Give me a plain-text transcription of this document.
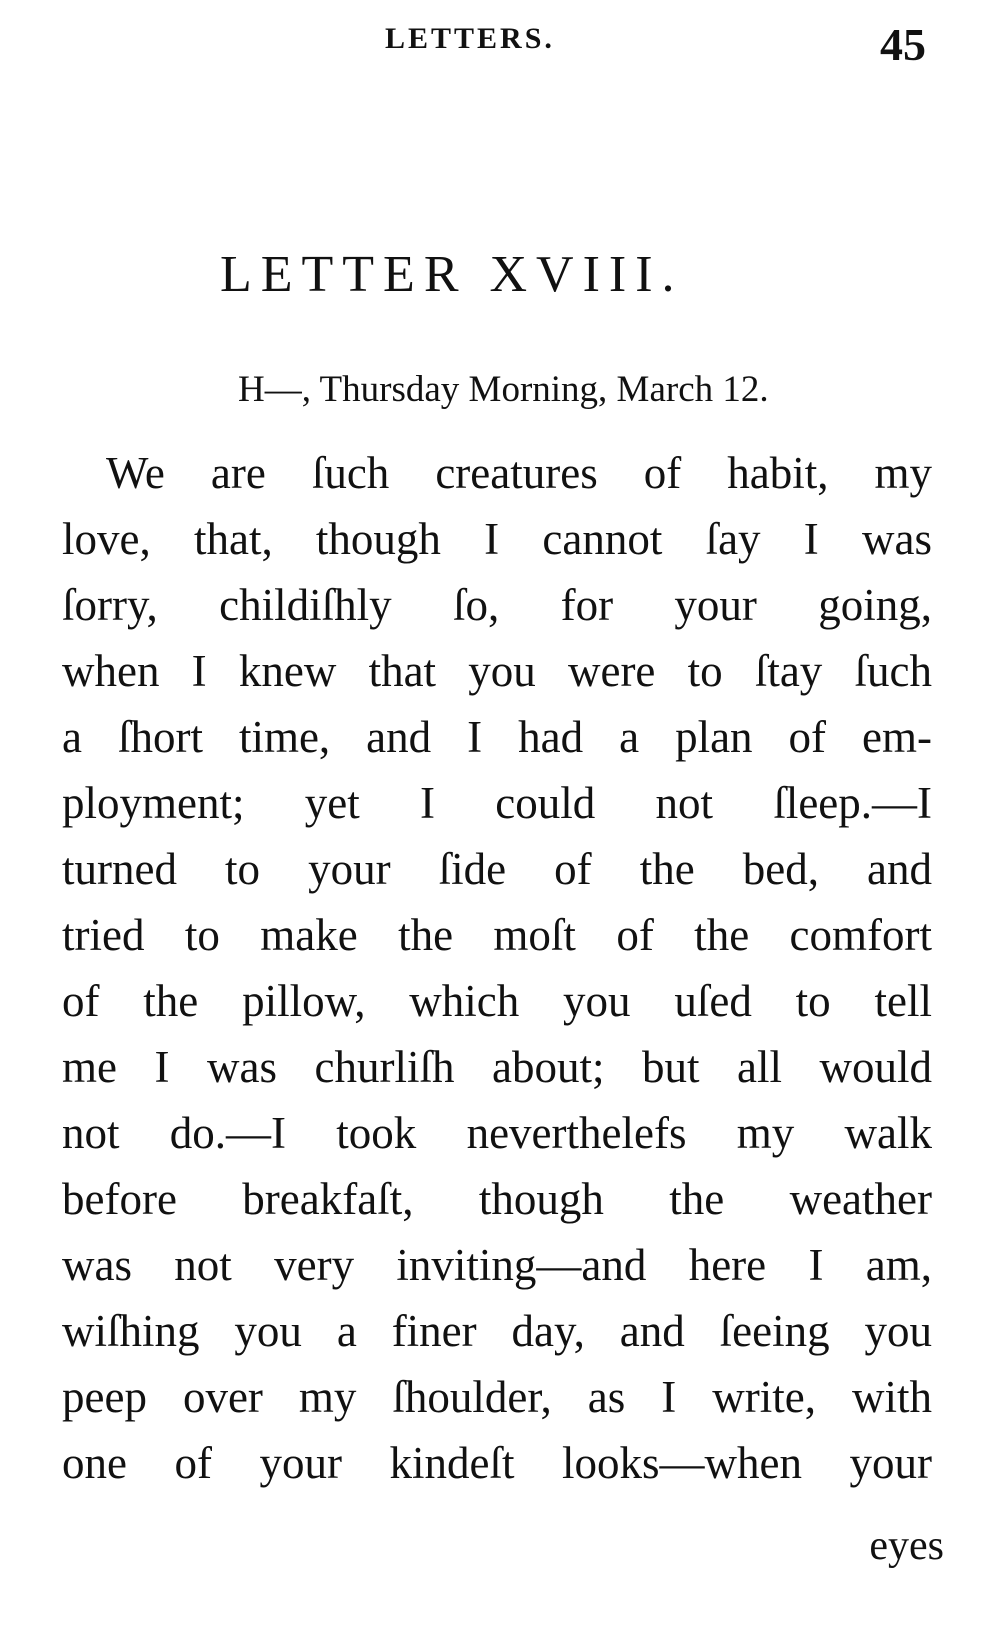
LETTERS.	45
LETTER XVIII.
H—, Thursday Morning, March 12.
We are ſuch creatures of habit, my
love, that, though I cannot ſay I was
ſorry, childiſhly ſo, for your going,
when I knew that you were to ſtay ſuch
a ſhort time, and I had a plan of em-
ployment; yet I could not ſleep.—I
turned to your ſide of the bed, and
tried to make the moſt of the comfort
of the pillow, which you uſed to tell
me I was churliſh about; but all would
not do.—I took neverthelefs my walk
before breakfaſt, though the weather
was not very inviting—and here I am,
wiſhing you a finer day, and ſeeing you
peep over my ſhoulder, as I write, with
one of your kindeſt looks—when your
eyes
